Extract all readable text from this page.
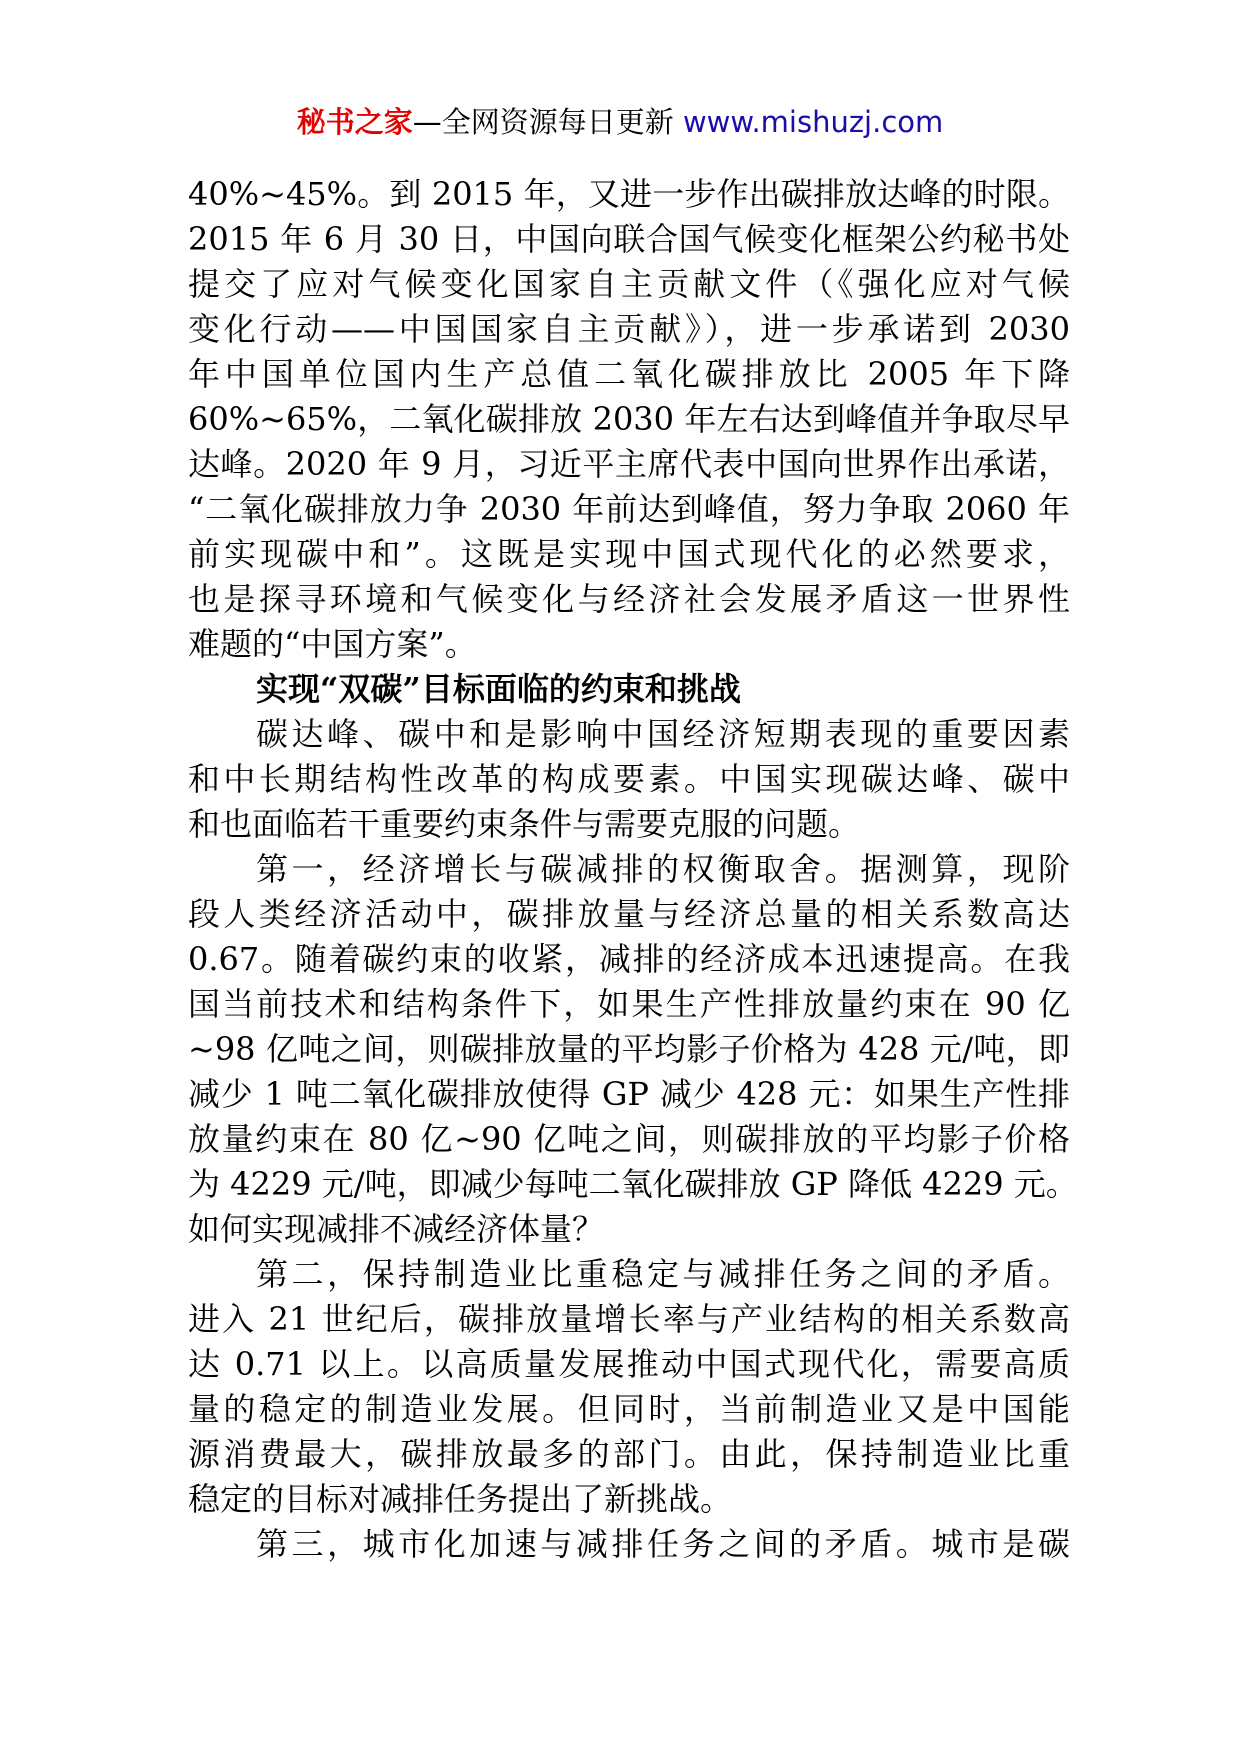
秘书之家—全网资源每日更新 www.mishuzj.com
40%~45%。到 2015 年，又进一步作出碳排放达峰的时限。
2015 年 6 月 30 日，中国向联合国气候变化框架公约秘书处
提交了应对气候变化国家自主贡献文件（《强化应对气候
变化行动——中国国家自主贡献》），进一步承诺到 2030
年中国单位国内生产总值二氧化碳排放比 2005 年下降
60%~65%，二氧化碳排放 2030 年左右达到峰值并争取尽早
达峰。2020 年 9 月，习近平主席代表中国向世界作出承诺，
“二氧化碳排放力争 2030 年前达到峰值，努力争取 2060 年
前实现碳中和”。这既是实现中国式现代化的必然要求，
也是探寻环境和气候变化与经济社会发展矛盾这一世界性
难题的“中国方案”。
实现“双碳”目标面临的约束和挑战
碳达峰、碳中和是影响中国经济短期表现的重要因素
和中长期结构性改革的构成要素。中国实现碳达峰、碳中
和也面临若干重要约束条件与需要克服的问题。
第一，经济增长与碳减排的权衡取舍。据测算，现阶
段人类经济活动中，碳排放量与经济总量的相关系数高达
0.67。随着碳约束的收紧，减排的经济成本迅速提高。在我
国当前技术和结构条件下，如果生产性排放量约束在 90 亿
~98 亿吨之间，则碳排放量的平均影子价格为 428 元/吨，即
减少 1 吨二氧化碳排放使得 GP 减少 428 元：如果生产性排
放量约束在 80 亿~90 亿吨之间，则碳排放的平均影子价格
为 4229 元/吨，即减少每吨二氧化碳排放 GP 降低 4229 元。
如何实现减排不减经济体量？
第二，保持制造业比重稳定与减排任务之间的矛盾。
进入 21 世纪后，碳排放量增长率与产业结构的相关系数高
达 0.71 以上。以高质量发展推动中国式现代化，需要高质
量的稳定的制造业发展。但同时，当前制造业又是中国能
源消费最大，碳排放最多的部门。由此，保持制造业比重
稳定的目标对减排任务提出了新挑战。
第三，城市化加速与减排任务之间的矛盾。城市是碳
